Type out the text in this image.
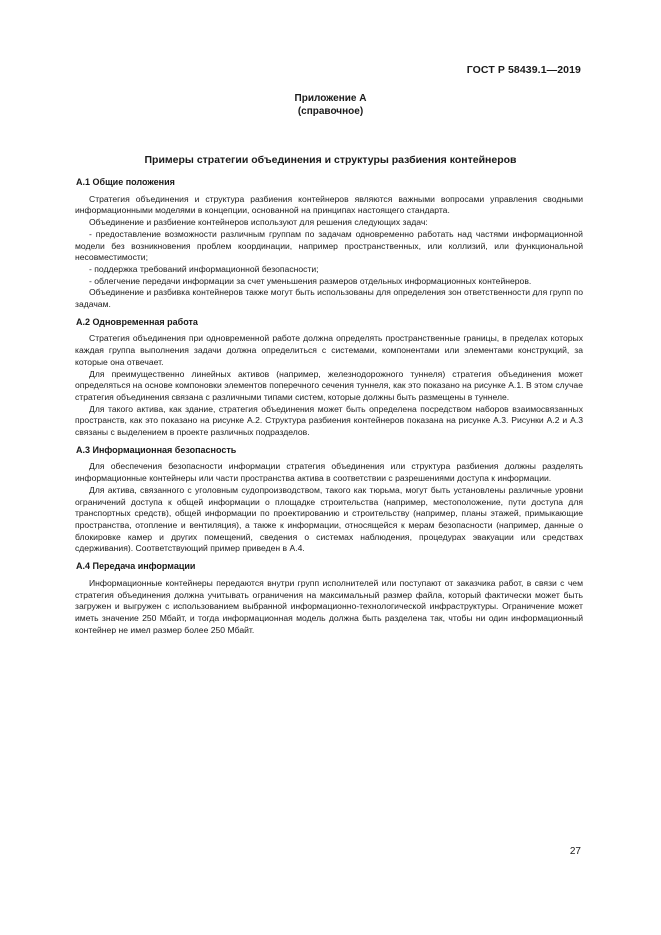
ГОСТ Р 58439.1—2019
Приложение А
(справочное)
Примеры стратегии объединения и структуры разбиения контейнеров
А.1 Общие положения

Стратегия объединения и структура разбиения контейнеров являются важными вопросами управления сводными информационными моделями в концепции, основанной на принципах настоящего стандарта.

Объединение и разбиение контейнеров используют для решения следующих задач:

- предоставление возможности различным группам по задачам одновременно работать над частями информационной модели без возникновения проблем координации, например пространственных, или коллизий, или функциональной несовместимости;

- поддержка требований информационной безопасности;

- облегчение передачи информации за счет уменьшения размеров отдельных информационных контейнеров.

Объединение и разбивка контейнеров также могут быть использованы для определения зон ответственности для групп по задачам.

А.2 Одновременная работа

Стратегия объединения при одновременной работе должна определять пространственные границы, в пределах которых каждая группа выполнения задачи должна определиться с системами, компонентами или элементами конструкций, за которые она отвечает.

Для преимущественно линейных активов (например, железнодорожного туннеля) стратегия объединения может определяться на основе компоновки элементов поперечного сечения туннеля, как это показано на рисунке А.1. В этом случае стратегия объединения связана с различными типами систем, которые должны быть размещены в туннеле.

Для такого актива, как здание, стратегия объединения может быть определена посредством наборов взаимосвязанных пространств, как это показано на рисунке А.2. Структура разбиения контейнеров показана на рисунке А.3. Рисунки А.2 и А.3 связаны с выделением в проекте различных подразделов.

А.3 Информационная безопасность

Для обеспечения безопасности информации стратегия объединения или структура разбиения должны разделять информационные контейнеры или части пространства актива в соответствии с разрешениями доступа к информации.

Для актива, связанного с уголовным судопроизводством, такого как тюрьма, могут быть установлены различные уровни ограничений доступа к общей информации о площадке строительства (например, местоположение, пути доступа для транспортных средств), общей информации по проектированию и строительству (например, планы этажей, примыкающие пространства, отопление и вентиляция), а также к информации, относящейся к мерам безопасности (например, данные о блокировке камер и других помещений, сведения о системах наблюдения, процедурах эвакуации или средствах сдерживания). Соответствующий пример приведен в А.4.

А.4 Передача информации

Информационные контейнеры передаются внутри групп исполнителей или поступают от заказчика работ, в связи с чем стратегия объединения должна учитывать ограничения на максимальный размер файла, который фактически может быть загружен и выгружен с использованием выбранной информационно-технологической инфраструктуры. Ограничение может иметь значение 250 Мбайт, и тогда информационная модель должна быть разделена так, чтобы ни один информационный контейнер не имел размер более 250 Мбайт.

27
